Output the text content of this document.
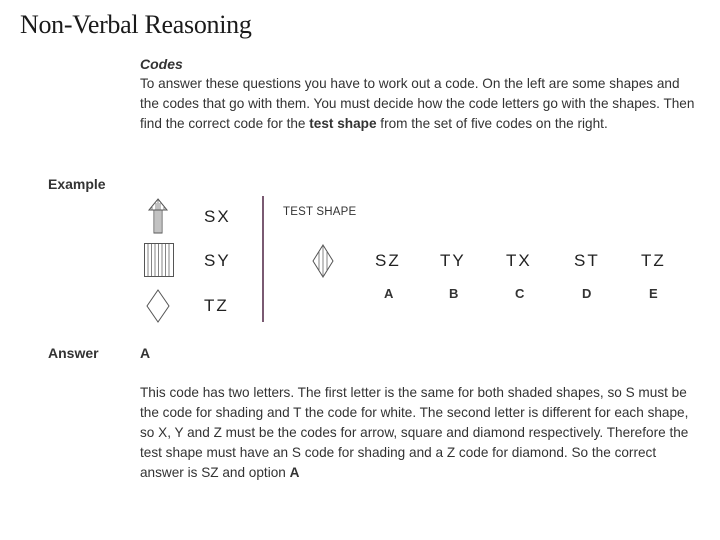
Non-Verbal Reasoning
Codes
To answer these questions you have to work out a code. On the left are some shapes and the codes that go with them. You must decide how the code letters go with the shapes. Then find the correct code for the test shape from the set of five codes on the right.
Example
SX
SY
TZ
TEST SHAPE
SZ
A
TY
B
TX
C
ST
D
TZ
E
Answer	A
This code has two letters. The first letter is the same for both shaded shapes, so S must be the code for shading and T the code for white. The second letter is different for each shape, so X, Y and Z must be the codes for arrow, square and diamond respectively. Therefore the test shape must have an S code for shading and a Z code for diamond. So the correct answer is SZ and option A
